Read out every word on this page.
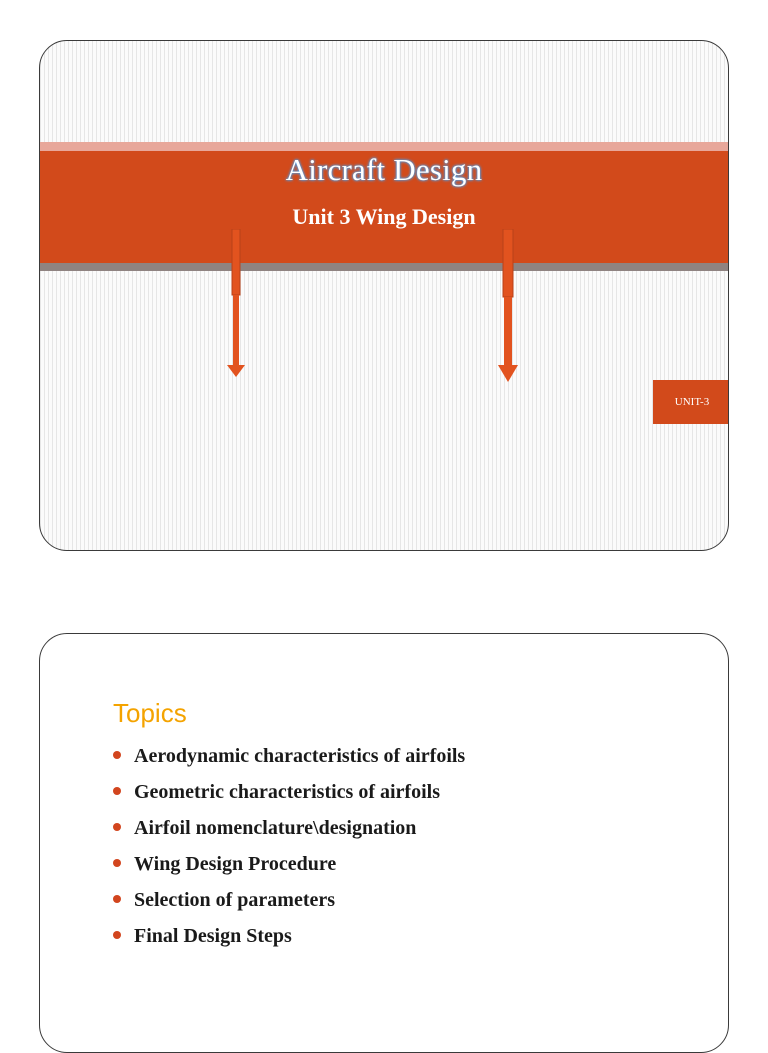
Aircraft Design
Unit 3 Wing Design
UNIT-3
Topics
Aerodynamic characteristics of airfoils
Geometric characteristics of airfoils
Airfoil nomenclature\designation
Wing Design Procedure
Selection of parameters
Final Design Steps
